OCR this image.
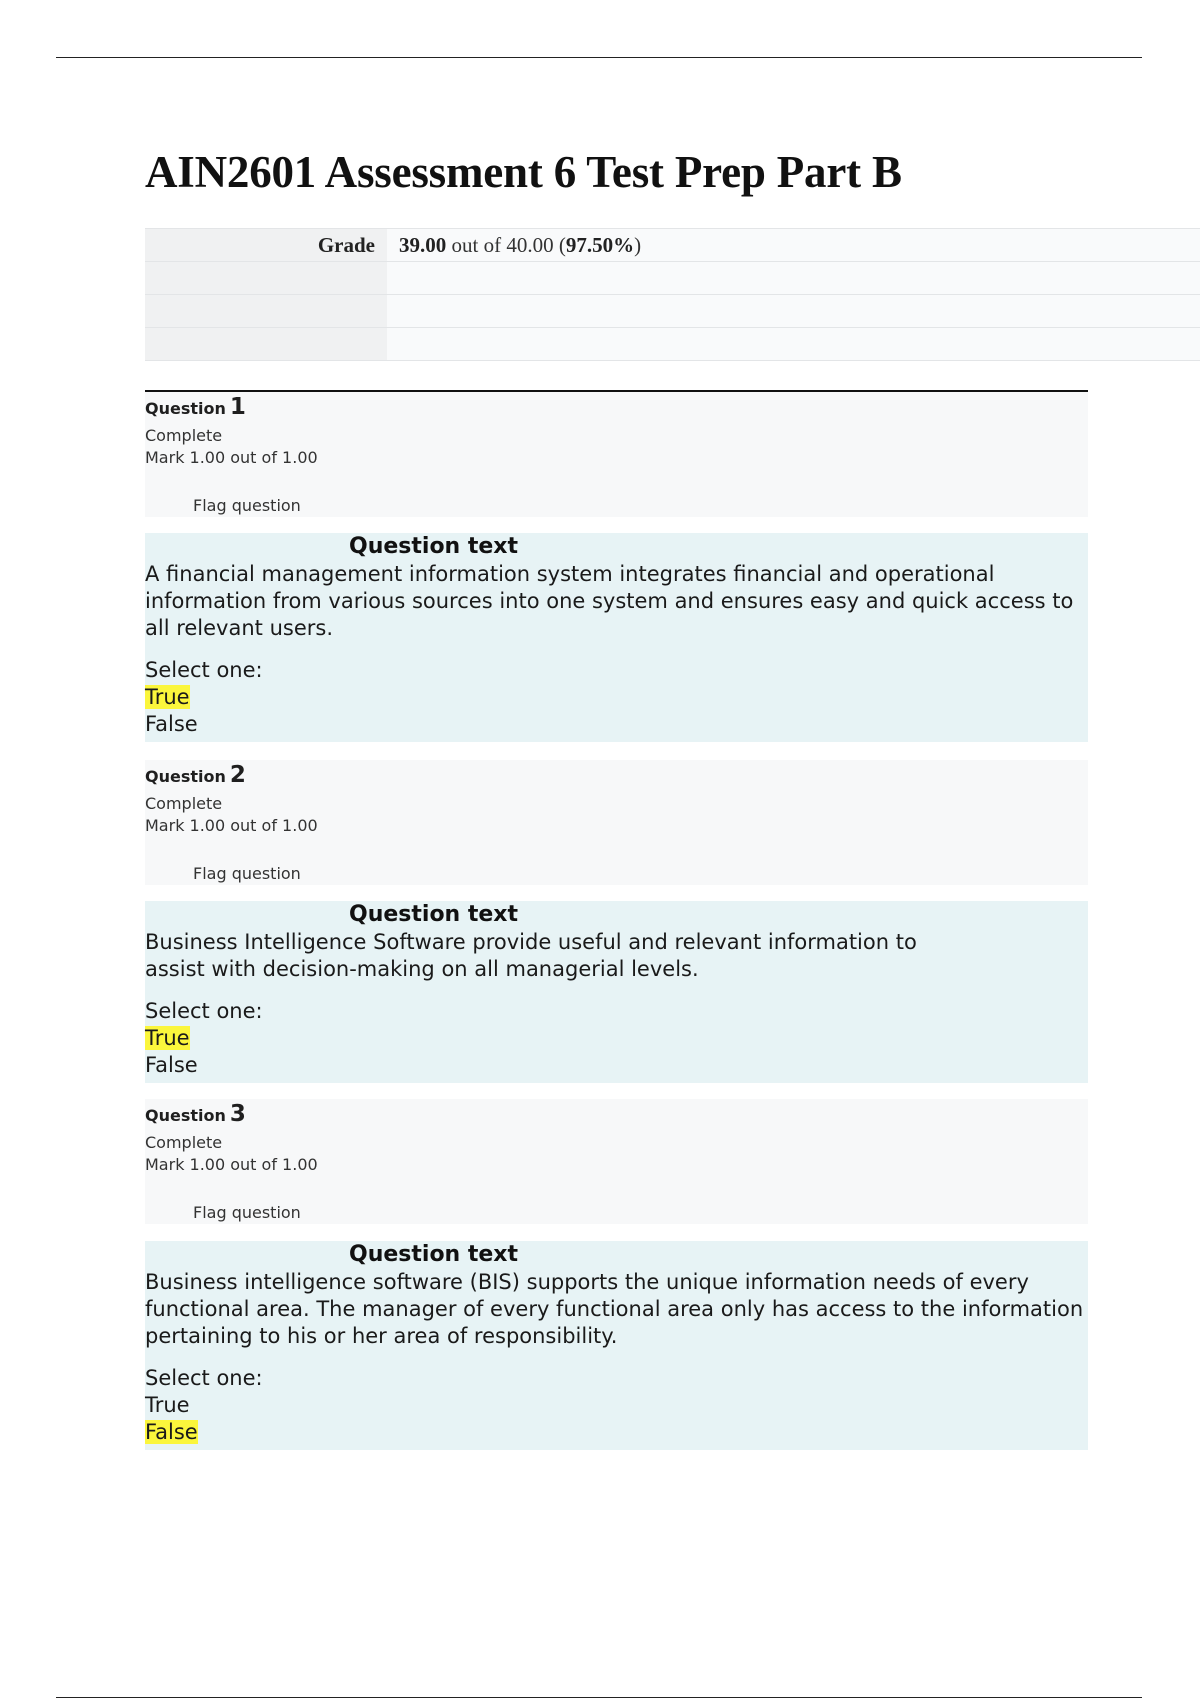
AIN2601 Assessment 6 Test Prep Part B
Grade	39.00 out of 40.00 (97.50%)
Question 1
Complete
Mark 1.00 out of 1.00
Flag question
Question text

A financial management information system integrates financial and operational information from various sources into one system and ensures easy and quick access to all relevant users.

Select one:

True
False
Question 2
Complete
Mark 1.00 out of 1.00
Flag question
Question text

Business Intelligence Software provide useful and relevant information to assist with decision-making on all managerial levels.

Select one:

True
False
Question 3
Complete
Mark 1.00 out of 1.00
Flag question
Question text

Business intelligence software (BIS) supports the unique information needs of every functional area. The manager of every functional area only has access to the information pertaining to his or her area of responsibility.

Select one:

True
False
